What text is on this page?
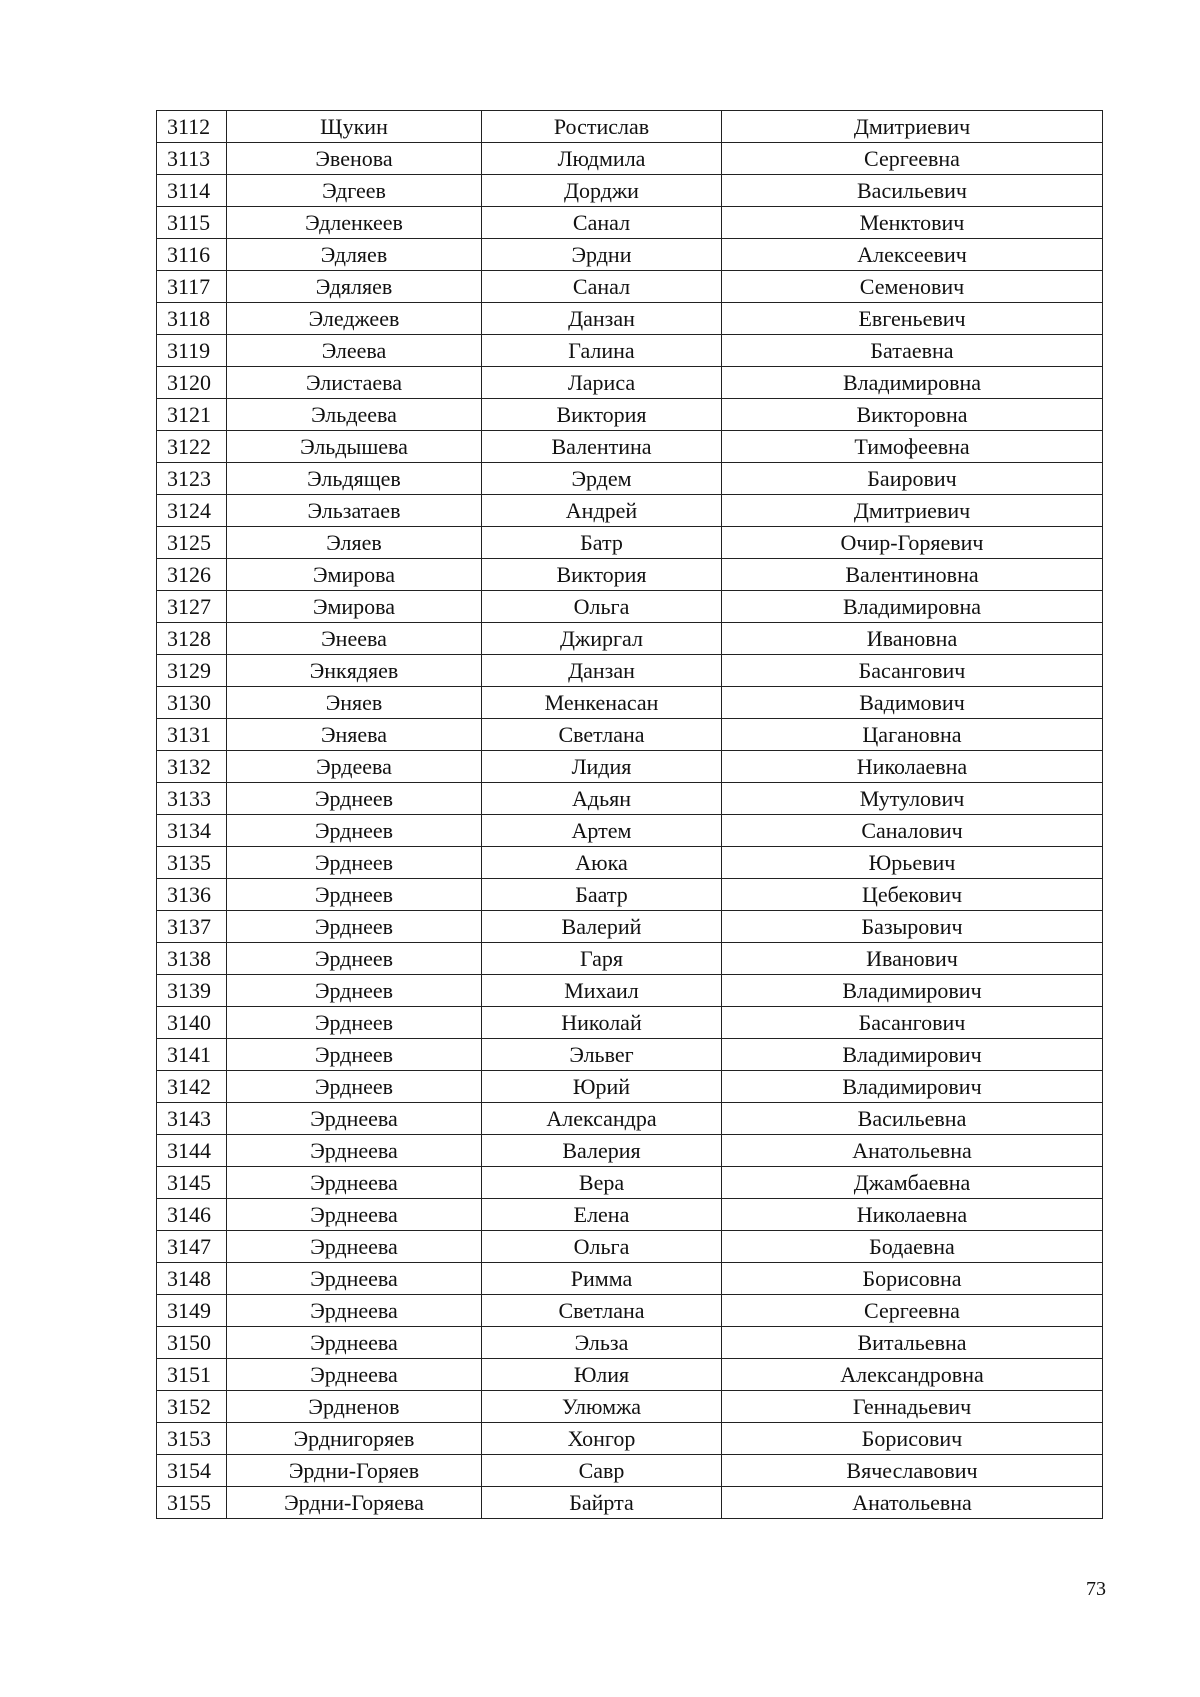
3112	Щукин	Ростислав	Дмитриевич
3113	Эвенова	Людмила	Сергеевна
3114	Эдгеев	Дорджи	Васильевич
3115	Эдленкеев	Санал	Менктович
3116	Эдляев	Эрдни	Алексеевич
3117	Эдяляев	Санал	Семенович
3118	Эледжеев	Данзан	Евгеньевич
3119	Элеева	Галина	Батаевна
3120	Элистаева	Лариса	Владимировна
3121	Эльдеева	Виктория	Викторовна
3122	Эльдышева	Валентина	Тимофеевна
3123	Эльдящев	Эрдем	Баирович
3124	Эльзатаев	Андрей	Дмитриевич
3125	Эляев	Батр	Очир-Горяевич
3126	Эмирова	Виктория	Валентиновна
3127	Эмирова	Ольга	Владимировна
3128	Энеева	Джиргал	Ивановна
3129	Энкядяев	Данзан	Басангович
3130	Эняев	Менкенасан	Вадимович
3131	Эняева	Светлана	Цагановна
3132	Эрдеева	Лидия	Николаевна
3133	Эрднеев	Адьян	Мутулович
3134	Эрднеев	Артем	Саналович
3135	Эрднеев	Аюка	Юрьевич
3136	Эрднеев	Баатр	Цебекович
3137	Эрднеев	Валерий	Базырович
3138	Эрднеев	Гаря	Иванович
3139	Эрднеев	Михаил	Владимирович
3140	Эрднеев	Николай	Басангович
3141	Эрднеев	Эльвег	Владимирович
3142	Эрднеев	Юрий	Владимирович
3143	Эрднеева	Александра	Васильевна
3144	Эрднеева	Валерия	Анатольевна
3145	Эрднеева	Вера	Джамбаевна
3146	Эрднеева	Елена	Николаевна
3147	Эрднеева	Ольга	Бодаевна
3148	Эрднеева	Римма	Борисовна
3149	Эрднеева	Светлана	Сергеевна
3150	Эрднеева	Эльза	Витальевна
3151	Эрднеева	Юлия	Александровна
3152	Эрдненов	Улюмжа	Геннадьевич
3153	Эрднигоряев	Хонгор	Борисович
3154	Эрдни-Горяев	Савр	Вячеславович
3155	Эрдни-Горяева	Байрта	Анатольевна
73
